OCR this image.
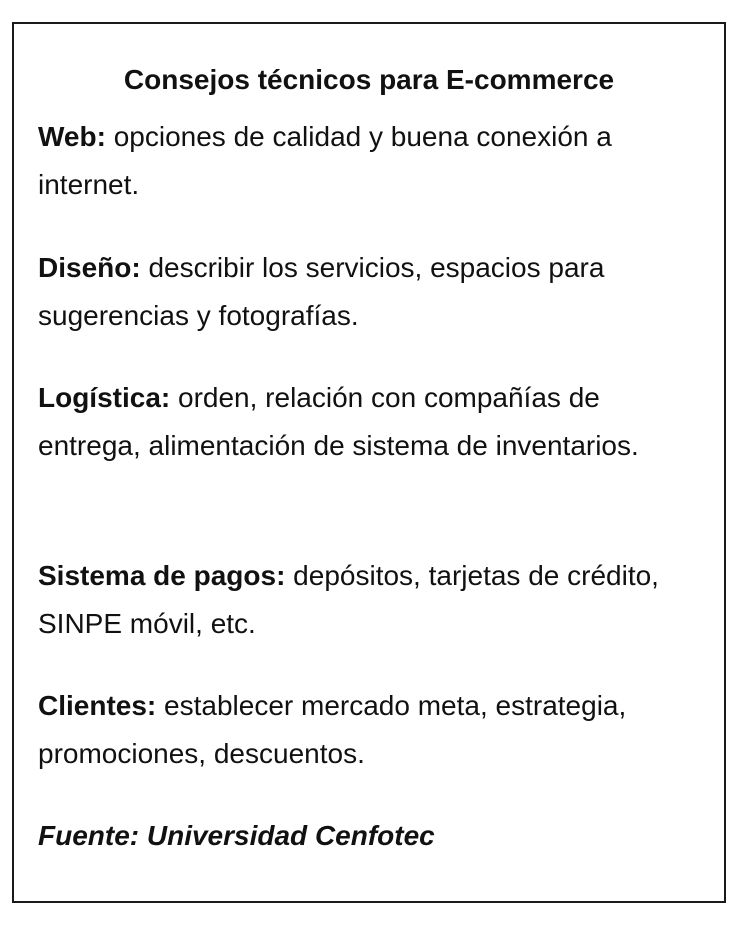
Consejos técnicos para E-commerce

Web: opciones de calidad y buena conexión a internet.

Diseño: describir los servicios, espacios para sugerencias y fotografías.

Logística: orden, relación con compañías de entrega, alimentación de sistema de inventarios.

Sistema de pagos: depósitos, tarjetas de crédito, SINPE móvil, etc.

Clientes: establecer mercado meta, estrategia, promociones, descuentos.

Fuente: Universidad Cenfotec
